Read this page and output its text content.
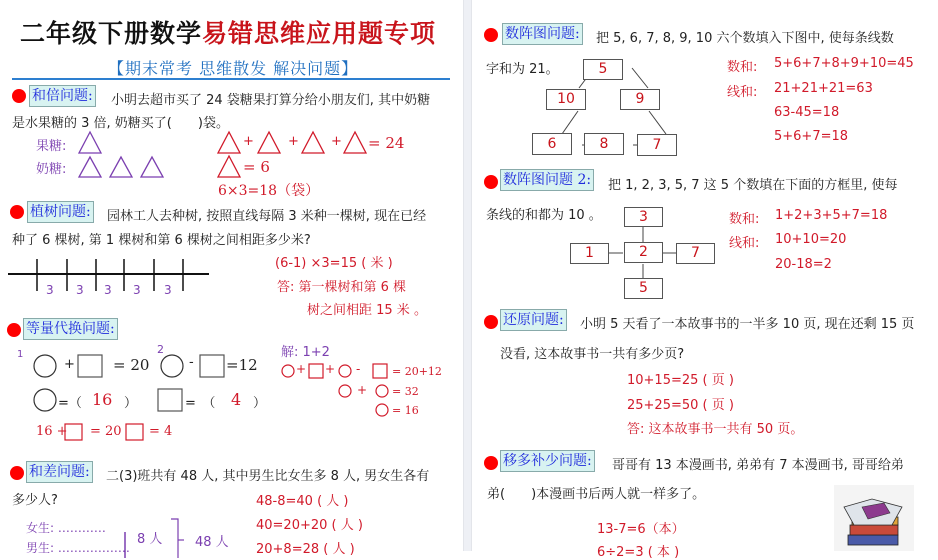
二年级下册数学易错思维应用题专项
【期末常考 思维散发 解决问题】
和倍问题: 小明去超市买了 24 袋糖果打算分给小朋友们, 其中奶糖
是水果糖的 3 倍, 奶糖买了(　　)袋。
果糖:
奶糖:
+	+ + = 24
= 6
6×3=18（袋）
植树问题: 园林工人去种树, 按照直线每隔 3 米种一棵树, 现在已经
种了 6 棵树, 第 1 棵树和第 6 棵树之间相距多少米?
3 3 3 3 3
(6-1) ×3=15 ( 米 )
答: 第一棵树和第 6 棵
树之间相距 15 米 。
等量代换问题:
1	2
+	= 20	- =12
=（ 16 ）	=　（ 4 ）
16 + = 20 = 4
解: 1+2
+ + -	= 20+12
+ = 32
= 16
和差问题: 二(3)班共有 48 人, 其中男生比女生多 8 人, 男女生各有
多少人?
女生: …………
男生: ………………
8 人	48 人
48-8=40 ( 人 )
40=20+20 ( 人 )
20+8=28 ( 人 )
数阵图问题: 把 5, 6, 7, 8, 9, 10 六个数填入下图中, 使每条线数
字和为 21。	5
10	9
6	8	7
数和: 5+6+7+8+9+10=45
线和: 21+21+21=63
63-45=18
5+6+7=18
数阵图问题 2: 把 1, 2, 3, 5, 7 这 5 个数填在下面的方框里, 使每
条线的和都为 10 。	3
1	2	7
5
数和: 1+2+3+5+7=18
线和: 10+10=20
20-18=2
还原问题: 小明 5 天看了一本故事书的一半多 10 页, 现在还剩 15 页
没看, 这本故事书一共有多少页?
10+15=25 ( 页 )
25+25=50 ( 页 )
答: 这本故事书一共有 50 页。
移多补少问题: 哥哥有 13 本漫画书, 弟弟有 7 本漫画书, 哥哥给弟
弟(　　)本漫画书后两人就一样多了。
13-7=6（本）
6÷2=3 ( 本 )
